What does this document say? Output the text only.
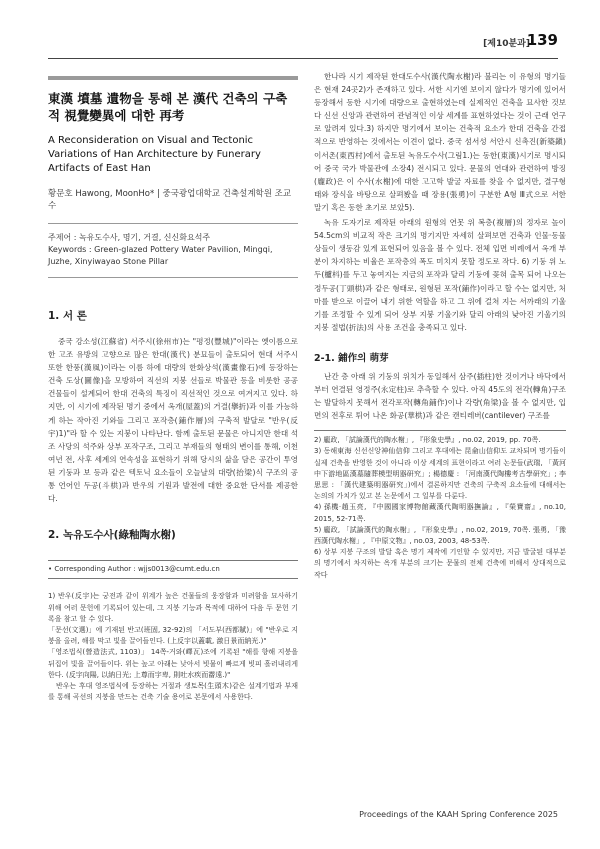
[제10분과]
139
東漢 墳墓 遺物을 통해 본 漢代 건축의 구축적 視覺變異에 대한 再考
A Reconsideration on Visual and Tectonic Variations of Han Architecture by Funerary Artifacts of East Han
황문호 Hawong, MoonHo* | 중국광업대학교 건축설계학원 조교수
주제어 : 녹유도수사, 명기, 거결, 신신화요석주
Keywords : Green-glazed Pottery Water Pavilion, Mingqi, Juzhe, Xinyiwayao Stone Pillar
1. 서 론

중국 강소성(江蘇省) 서주시(徐州市)는 "평정(豐城)"이라는 옛이름으로 한 고조 유방의 고향으로 많은 한대(漢代) 분묘들이 출토되어 현대 서주시 또한 한풍(漢風)이라는 이름 하에 대량의 한화상석(漢畫像石)에 등장하는 건축 도상(圖像)을 모방하여 직선의 지붕 선들로 박물관 등을 비롯한 공공 건물들이 설계되어 한대 건축의 특징이 직선적인 것으로 여겨지고 있다. 하지만, 이 시기에 제작된 명기 중에서 옥개(屋蓋)의 거결(擧折)과 이를 가능하게 하는 작아진 기와들 그리고 포작층(鋪作層)의 구축적 발달로 "반우(反宇)1)"라 할 수 있는 지붕이 나타난다. 함께 출토된 문물은 아니지만 한대 석조 사당의 석주와 상부 포작구조, 그리고 부재들의 형태의 변이를 통해, 이천여년 전, 사후 세계의 연속성을 표현하기 위해 당시의 삶을 담은 공간이 투영된 기둥과 보 등과 같은 텍토닉 요소들이 오늘날의 대량(抬梁)식 구조의 공통 언어인 두공(斗栱)과 반우의 기원과 발전에 대한 중요한 단서를 제공한다.

2. 녹유도수사(綠釉陶水榭)
• Corresponding Author : wjjs0013@cumt.edu.cn

1) 반우(反宇)는 궁전과 같이 위계가 높은 건물들의 웅장함과 미려함을 묘사하기 위해 여러 문헌에 기록되어 있는데, 그 지붕 기능과 목적에 대하여 다음 두 문헌 기록을 참고 할 수 있다.

「문선(文選)」에 기재된 반고(班固, 32-92)의 「서도부(西都賦)」에 "반우로 지붕을 올려, 해를 막고 빛을 끌어들인다. (上反宇以蓋載, 激日景而納光.)"

「영조법식(營造法式, 1103)」 14쪽-거와(嶧瓦)조에 기록된 "해를 향해 지붕을 뒤집어 빛을 끌어들이다. 위는 높고 아래는 낮아서 빗물이 빠르게 빗피 흘러내리게 한다. (反宇向陽, 以納日光; 上尊而宇卑, 則吐水疾而霤遠.)"

반우는 후대 영조법식에 등장하는 거절과 생토목(生頭木)같은 설계기법과 부재를 통해 곡선의 지붕을 만드는 건축 기술 용어로 본문에서 사용한다.

한나라 시기 제작된 한대도수사(漢代陶水榭)라 불리는 이 유형의 명기들은 현재 24곳2)가 존재하고 있다. 서한 시기엔 보이지 않다가 명기에 있어서 등장해서 동한 시기에 대량으로 출현하였는데 실제적인 건축을 묘사한 것보다 신선 신앙과 관련하여 관념적인 이상 세계를 표현하였다는 것이 근래 연구로 알려져 있다.3) 하지만 명기에서 보이는 건축적 요소가 한대 건축을 간접적으로 반영하는 것에서는 이견이 없다. 중국 섬서성 서안시 신촉진(新築鎭) 이서촌(東西村)에서 출토된 녹유도수사(그림1.)는 동한(東漢)시기로 명시되어 중국 국가 박물관에 소장4) 전시되고 있다. 문물의 연대와 관련하여 방징(龐政)은 이 수사(水榭)에 대한 고고학 발굴 자료를 찾을 수 없지만, 결구형태와 장식을 바탕으로 살펴봤을 때 장용(張勇)이 구분한 A형 Ⅲ式으로 서한 말기 혹은 동한 초기로 보았5).

녹유 도자기로 제작된 아래의 원형의 연못 위 복층(複層)의 정자로 높이 54.5cm의 비교적 작은 크기의 명기지만 자세히 살펴보면 건축과 인물·동물상들이 생동감 있게 표현되어 있음을 볼 수 있다. 전체 입면 비례에서 옥개 부분이 차지하는 비율은 포작층의 폭도 미치지 못할 정도로 작다. 6) 기둥 위 노두(櫨枓)를 두고 놓여지는 지금의 포작과 달리 기둥에 꽂혀 출목 되어 나오는 정두공(丁頭栱)과 같은 형태로, 원형된 포작(鋪作)이라고 할 수는 없지만, 처마를 받으로 이끌어 내기 위한 역할을 하고 그 위에 걸쳐 지는 서까래의 기울기를 조정할 수 있게 되어 상부 지붕 기울기와 달리 아래의 낮아진 기울기의 지붕 절법(折法)의 사용 조건을 충족되고 있다.

2-1. 鋪作의 萌芽

난간 층 아래 위 기둥의 위치가 동일해서 삼주(插柱)한 것이거나 바닥에서부터 연결된 영정주(永定柱)로 추측할 수 있다. 아직 45도의 전각(轉角)구조는 발달하지 못해서 전각포작(轉角鋪作)이나 각량(角梁)을 볼 수 없지만, 입면의 전후로 튀어 나온 화공(華栱)과 같은 캔티레버(cantilever) 구조를

2) 龐政, 「試論漢代的陶水榭」, 『形象史學』, no.02, 2019, pp. 70쪽.

3) 동해東海 신선신앙神仙信仰 그리고 후대에는 昆侖山信仰도 교차되며 명기들이 실제 건축을 반영한 것이 아니라 이상 세계의 표현이라고 여러 논문들(武瑞, 「黃河中下游地區漢墓隨葬模型明器研究」; 楊德慶 : 「河南漢代陶樓考古學研究」; 李思思 : 「漢代建築明器研究」)에서 결론하지만 건축의 구축적 요소들에 대해서는 논의의 가치가 있고 본 논문에서 그 일부를 다룬다.

4) 孫機·趙玉亮, 『中國國家博物館藏漢代陶明器撫論』, 『榮寶齋』, no.10, 2015, 52-71쪽.

5) 龐政, 「試論漢代的陶水榭」, 『形象史學』, no.02, 2019, 70쪽. 張勇, 「豫西漢代陶水榭」, 『中原文物』, no.03, 2003, 48-53쪽.

6) 상부 지붕 구조의 발달 혹은 명기 제작에 기인할 수 있지만, 지금 발굴된 대부분의 명기에서 차지하는 옥개 부분의 크기는 문물의 전체 건축에 비해서 상대적으로 작다

Proceedings of the KAAH Spring Conference 2025
